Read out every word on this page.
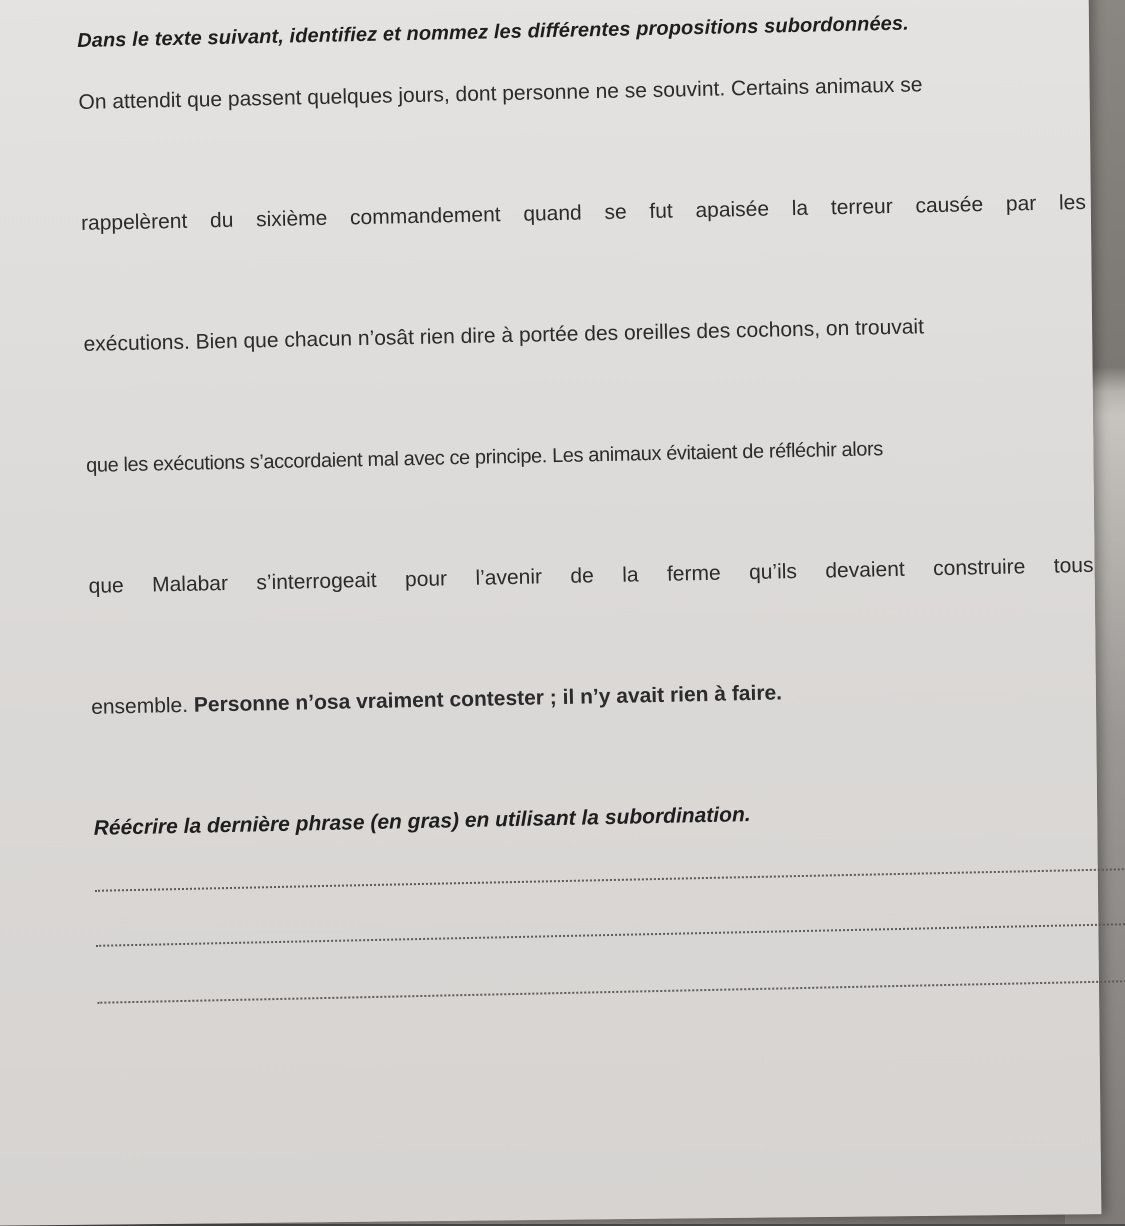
Dans le texte suivant, identifiez et nommez les différentes propositions subordonnées.

On attendit que passent quelques jours, dont personne ne se souvint. Certains animaux se
rappelèrent du sixième commandement quand se fut apaisée la terreur causée par les
exécutions. Bien que chacun n’osât rien dire à portée des oreilles des cochons, on trouvait
que les exécutions s’accordaient mal avec ce principe. Les animaux évitaient de réfléchir alors
que Malabar s’interrogeait pour l’avenir de la ferme qu’ils devaient construire tous
ensemble. Personne n’osa vraiment contester ; il n’y avait rien à faire.
Réécrire la dernière phrase (en gras) en utilisant la subordination.
